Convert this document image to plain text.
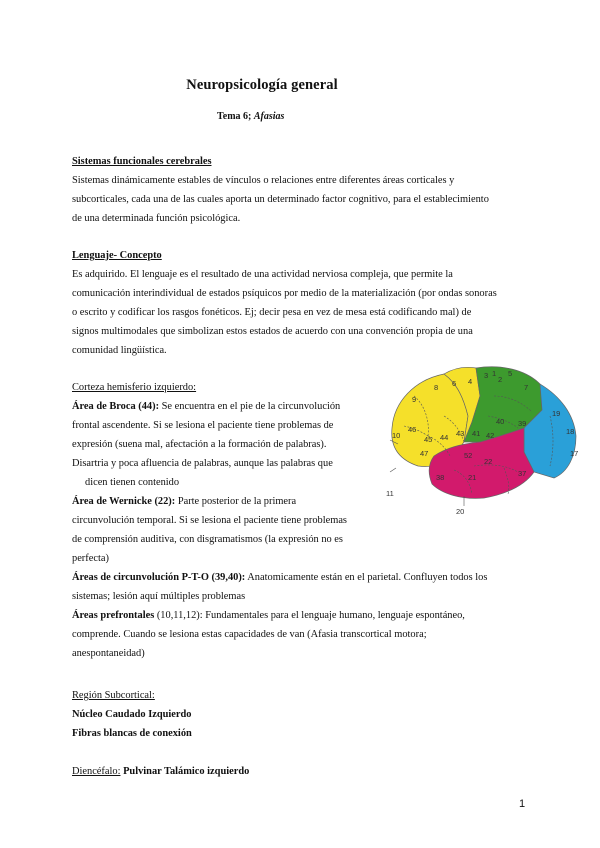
Neuropsicología general
Tema 6; Afasias
Sistemas funcionales cerebrales
Sistemas dinámicamente estables de vínculos o relaciones entre diferentes áreas corticales y
subcorticales, cada una de las cuales aporta un determinado factor cognitivo, para el establecimiento
de una determinada función psicológica.
Lenguaje- Concepto
Es adquirido. El lenguaje es el resultado de una actividad nerviosa compleja, que permite la
comunicación interindividual de estados psíquicos por medio de la materialización (por ondas sonoras
o escrito y codificar los rasgos fonéticos. Ej; decir pesa en vez de mesa está codificando mal) de
signos multimodales que simbolizan estos estados de acuerdo con una convención propia de una
comunidad lingüística.
Corteza hemisferio izquierdo:
Área de Broca (44): Se encuentra en el pie de la circunvolución
frontal ascendente. Si se lesiona el paciente tiene problemas de
expresión (suena mal, afectación a la formación de palabras).
Disartria y poca afluencia de palabras, aunque las palabras que
dicen tienen contenido
Área de Wernicke (22): Parte posterior de la primera
circunvolución temporal. Si se lesiona el paciente tiene problemas
de comprensión auditiva, con disgramatismos (la expresión no es
perfecta)
Áreas de circunvolución P-T-O (39,40): Anatomicamente están en el parietal. Confluyen todos los
sistemas; lesión aquí múltiples problemas
Áreas prefrontales (10,11,12): Fundamentales para el lenguaje humano, lenguaje espontáneo,
comprende. Cuando se lesiona estas capacidades de van (Afasia transcortical motora;
anespontaneidad)
Región Subcortical:
Núcleo Caudado Izquierdo
Fibras blancas de conexión
Diencéfalo: Pulvinar Talámico izquierdo
1
8 6 4
3 1
2
5
7
9
10
46
45 44
47
43 41 42
40 39
19
18
17
52
22
21	37
38
11
20
